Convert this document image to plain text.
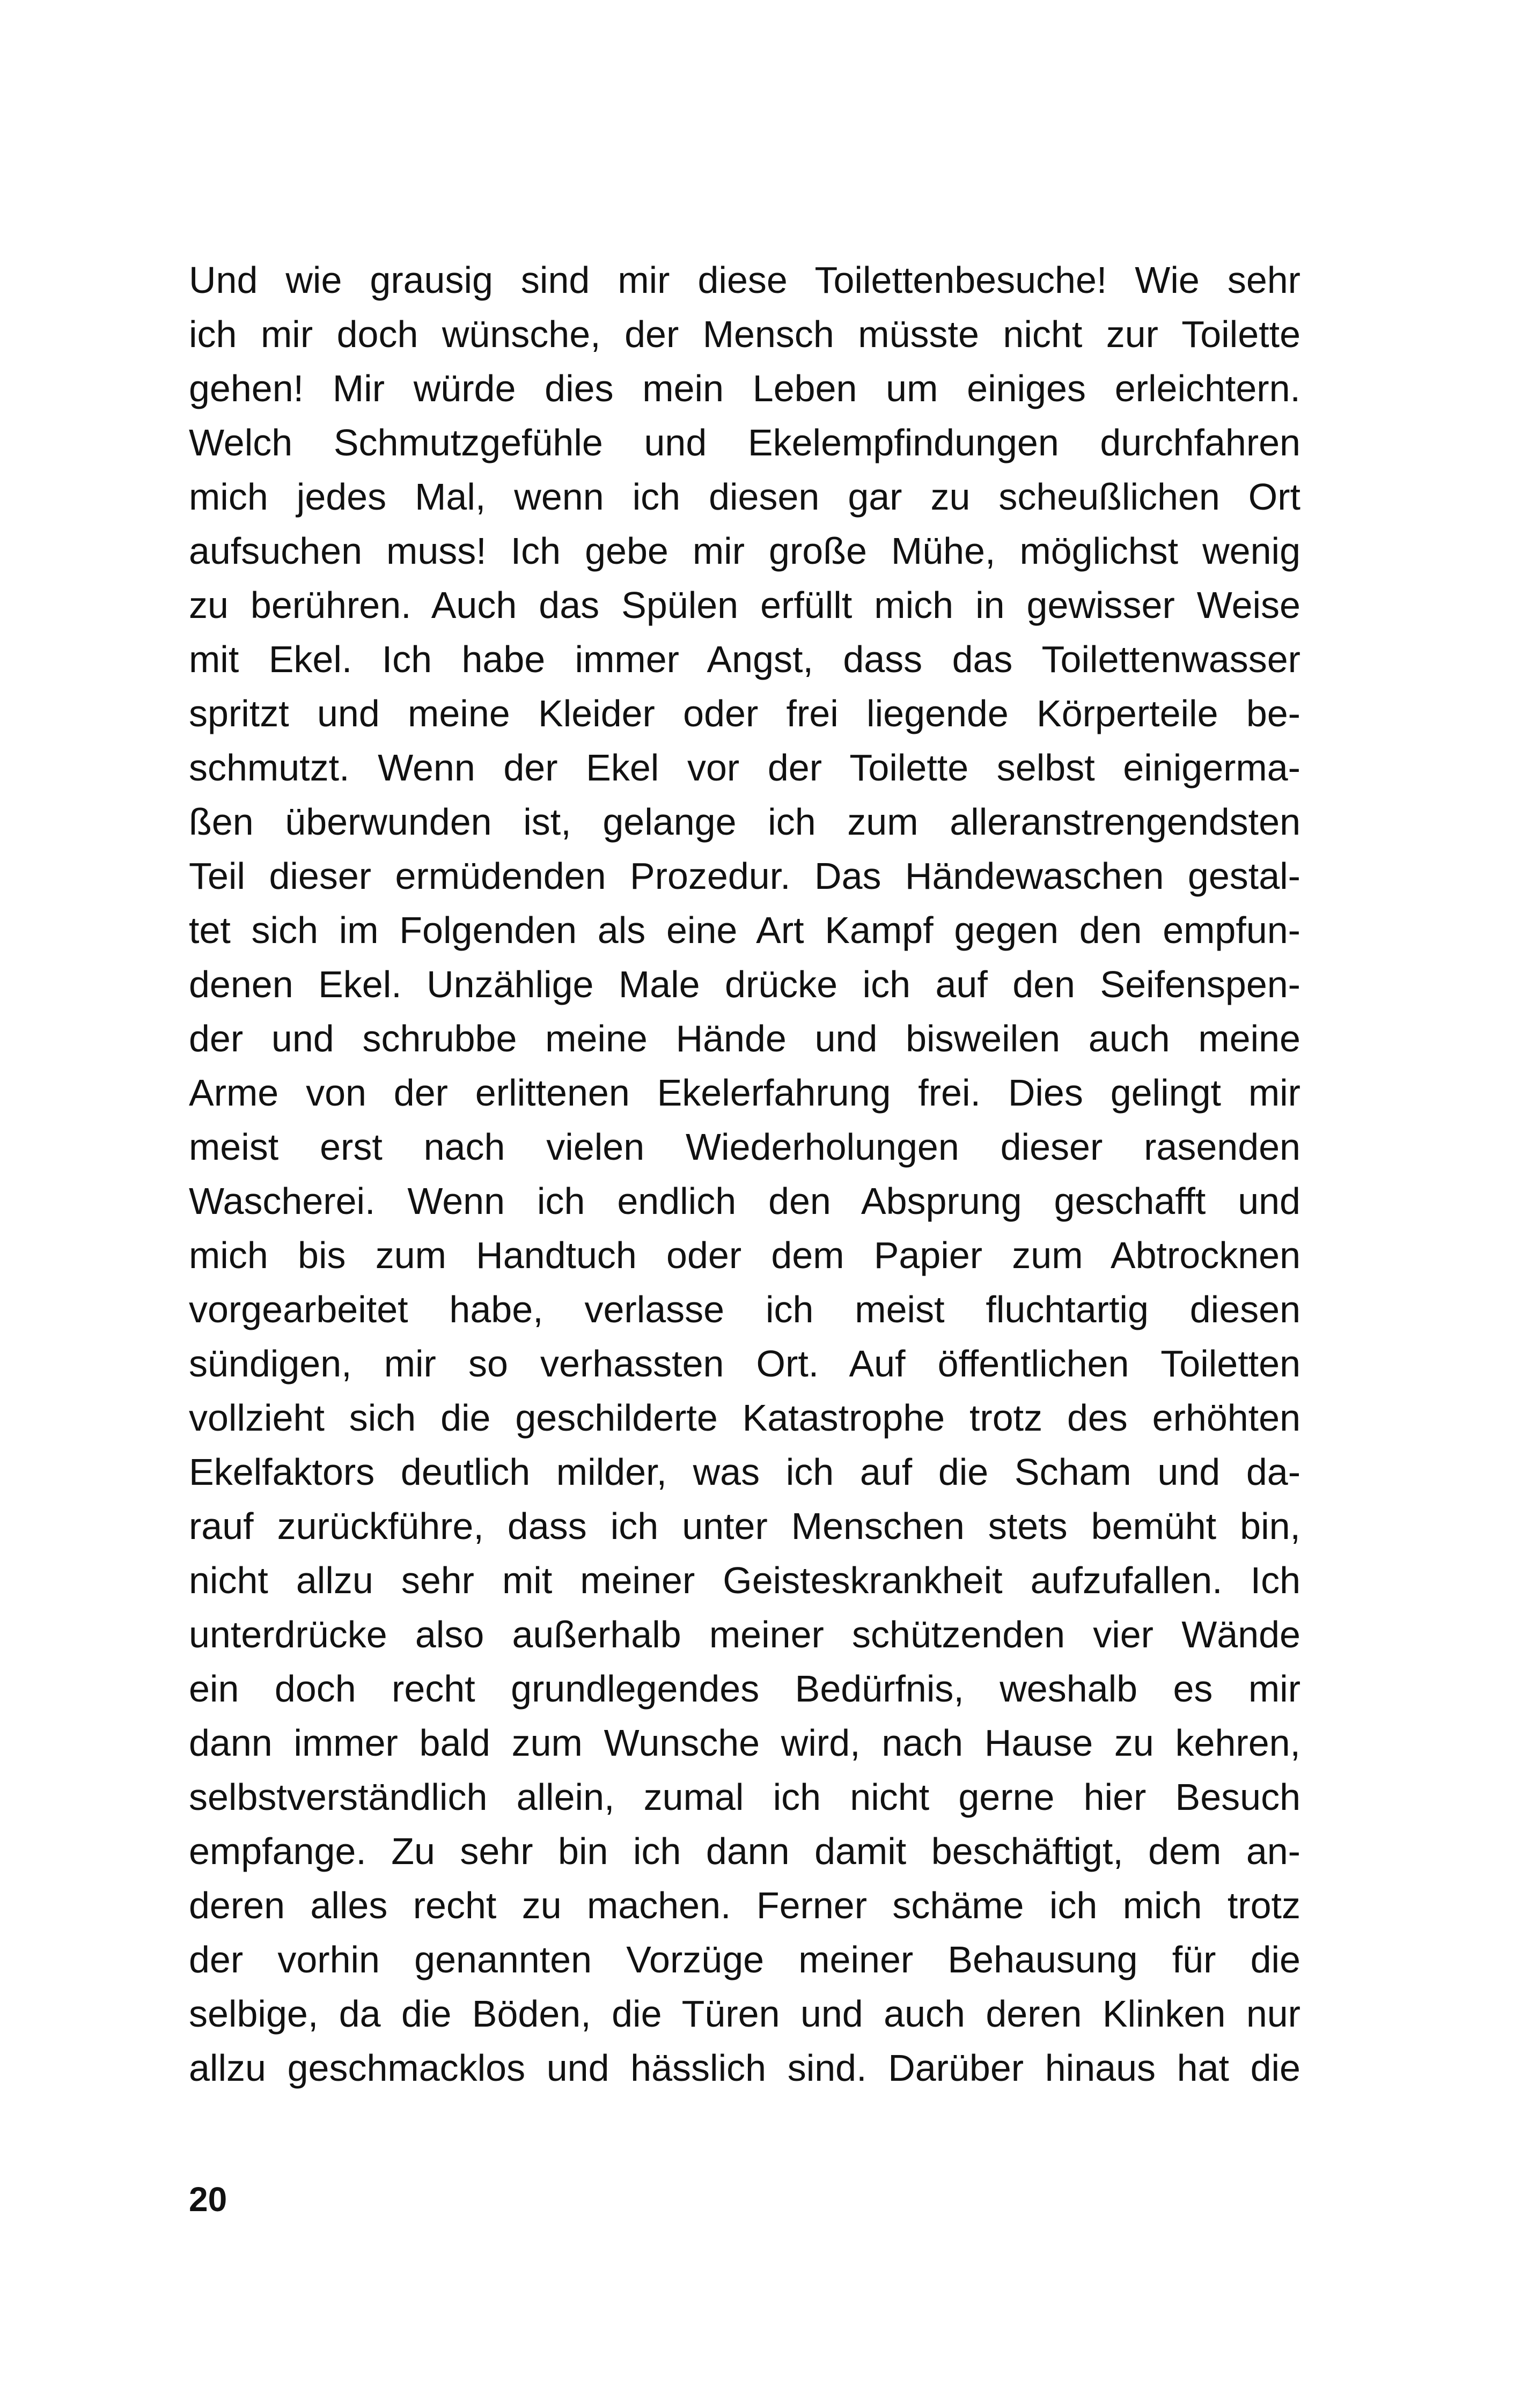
Und wie grausig sind mir diese Toilettenbesuche! Wie sehr
ich mir doch wünsche, der Mensch müsste nicht zur Toilette
gehen! Mir würde dies mein Leben um einiges erleichtern.
Welch Schmutzgefühle und Ekelempfindungen durchfahren
mich jedes Mal, wenn ich diesen gar zu scheußlichen Ort
aufsuchen muss! Ich gebe mir große Mühe, möglichst wenig
zu berühren. Auch das Spülen erfüllt mich in gewisser Weise
mit Ekel. Ich habe immer Angst, dass das Toilettenwasser
spritzt und meine Kleider oder frei liegende Körperteile be-
schmutzt. Wenn der Ekel vor der Toilette selbst einigerma-
ßen überwunden ist, gelange ich zum alleranstrengendsten
Teil dieser ermüdenden Prozedur. Das Händewaschen gestal-
tet sich im Folgenden als eine Art Kampf gegen den empfun-
denen Ekel. Unzählige Male drücke ich auf den Seifenspen-
der und schrubbe meine Hände und bisweilen auch meine
Arme von der erlittenen Ekelerfahrung frei. Dies gelingt mir
meist erst nach vielen Wiederholungen dieser rasenden
Wascherei. Wenn ich endlich den Absprung geschafft und
mich bis zum Handtuch oder dem Papier zum Abtrocknen
vorgearbeitet habe, verlasse ich meist fluchtartig diesen
sündigen, mir so verhassten Ort. Auf öffentlichen Toiletten
vollzieht sich die geschilderte Katastrophe trotz des erhöhten
Ekelfaktors deutlich milder, was ich auf die Scham und da-
rauf zurückführe, dass ich unter Menschen stets bemüht bin,
nicht allzu sehr mit meiner Geisteskrankheit aufzufallen. Ich
unterdrücke also außerhalb meiner schützenden vier Wände
ein doch recht grundlegendes Bedürfnis, weshalb es mir
dann immer bald zum Wunsche wird, nach Hause zu kehren,
selbstverständlich allein, zumal ich nicht gerne hier Besuch
empfange. Zu sehr bin ich dann damit beschäftigt, dem an-
deren alles recht zu machen. Ferner schäme ich mich trotz
der vorhin genannten Vorzüge meiner Behausung für die
selbige, da die Böden, die Türen und auch deren Klinken nur
allzu geschmacklos und hässlich sind. Darüber hinaus hat die
20
